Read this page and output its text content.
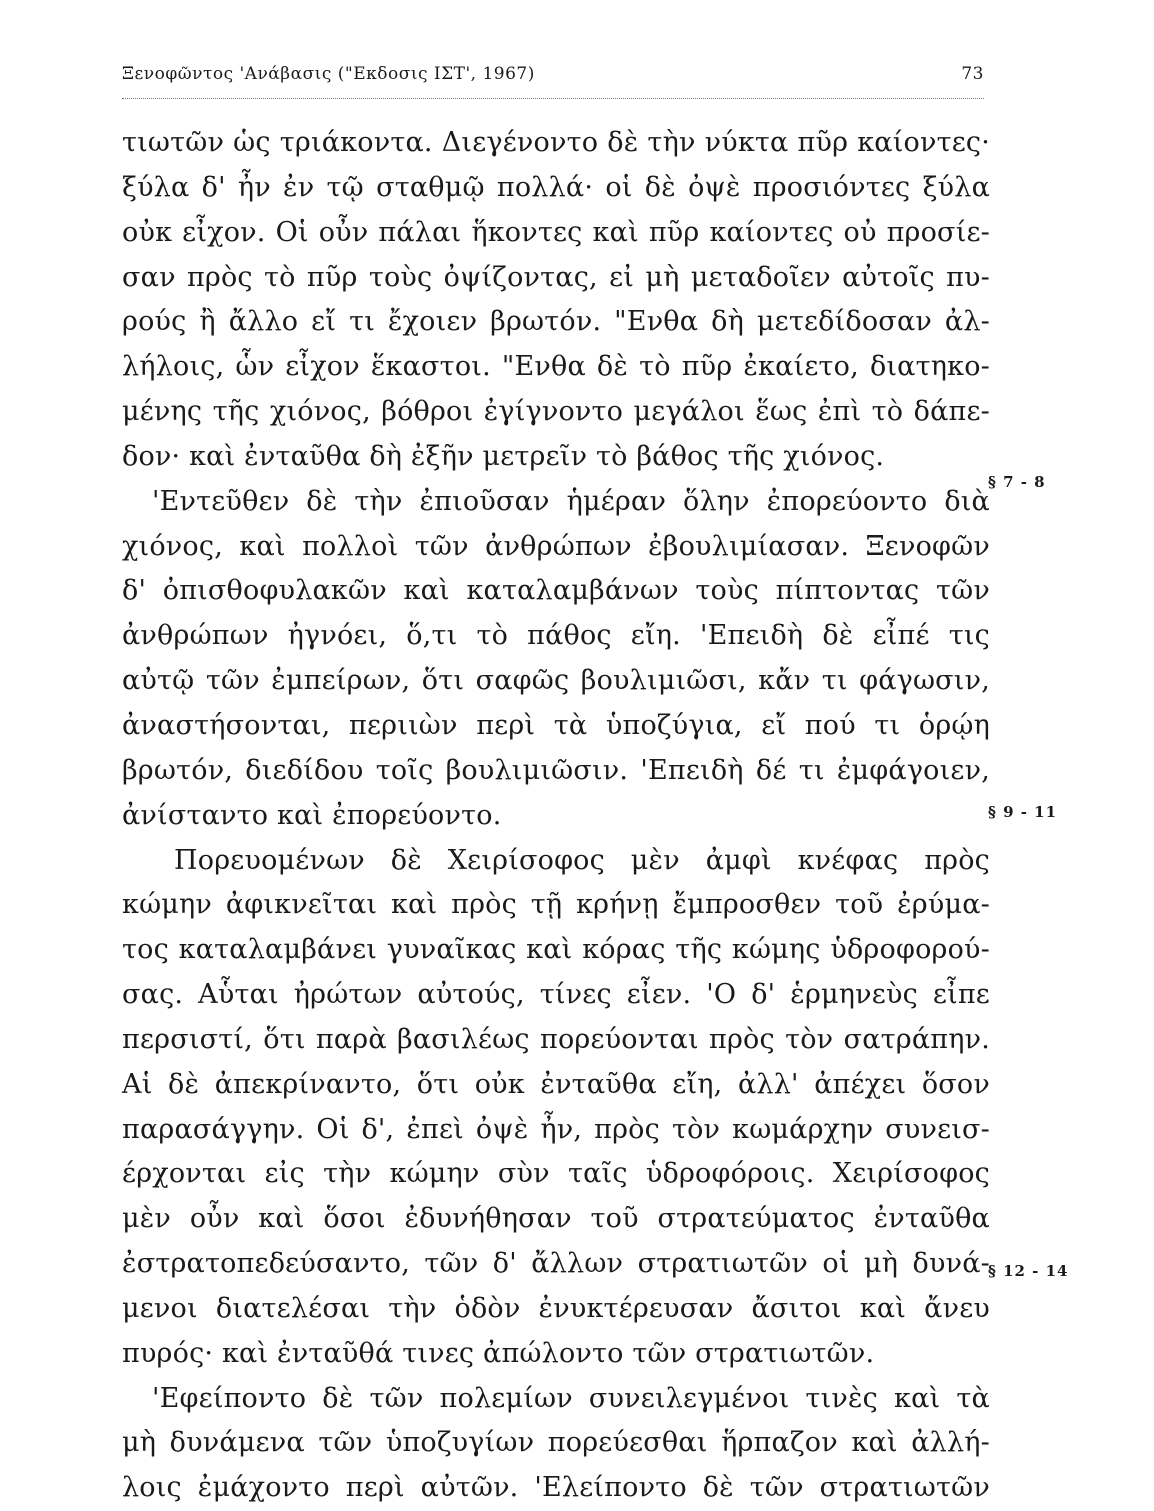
Ξενοφῶντος 'Ανάβασις ("Εκδοσις ΙΣΤ', 1967)	73
τιωτῶν ὡς τριάκοντα. Διεγένοντο δὲ τὴν νύκτα πῦρ καίοντες·
ξύλα δ' ἦν ἐν τῷ σταθμῷ πολλά· οἱ δὲ ὀψὲ προσιόντες ξύλα
οὐκ εἶχον. Οἱ οὖν πάλαι ἥκοντες καὶ πῦρ καίοντες οὐ προσίε-
σαν πρὸς τὸ πῦρ τοὺς ὀψίζοντας, εἰ μὴ μεταδοῖεν αὐτοῖς πυ-
ρούς ἢ ἄλλο εἴ τι ἔχοιεν βρωτόν. "Ενθα δὴ μετεδίδοσαν ἀλ-
λήλοις, ὧν εἶχον ἕκαστοι. "Ενθα δὲ τὸ πῦρ ἐκαίετο, διατηκο-
μένης τῆς χιόνος, βόθροι ἐγίγνοντο μεγάλοι ἕως ἐπὶ τὸ δάπε-
δον· καὶ ἐνταῦθα δὴ ἐξῆν μετρεῖν τὸ βάθος τῆς χιόνος.
'Εντεῦθεν δὲ τὴν ἐπιοῦσαν ἡμέραν ὅλην ἐπορεύοντο διὰ
χιόνος, καὶ πολλοὶ τῶν ἀνθρώπων ἐβουλιμίασαν. Ξενοφῶν
δ' ὀπισθοφυλακῶν καὶ καταλαμβάνων τοὺς πίπτοντας τῶν
ἀνθρώπων ἠγνόει, ὅ,τι τὸ πάθος εἴη. 'Επειδὴ δὲ εἶπέ τις
αὐτῷ τῶν ἐμπείρων, ὅτι σαφῶς βουλιμιῶσι, κἄν τι φάγωσιν,
ἀναστήσονται, περιιὼν περὶ τὰ ὑποζύγια, εἴ πού τι ὁρῴη
βρωτόν, διεδίδου τοῖς βουλιμιῶσιν. 'Επειδὴ δέ τι ἐμφάγοιεν,
ἀνίσταντο καὶ ἐπορεύοντο.
Πορευομένων δὲ Χειρίσοφος μὲν ἀμφὶ κνέφας πρὸς
κώμην ἀφικνεῖται καὶ πρὸς τῇ κρήνῃ ἔμπροσθεν τοῦ ἐρύμα-
τος καταλαμβάνει γυναῖκας καὶ κόρας τῆς κώμης ὑδροφορού-
σας. Αὗται ἠρώτων αὐτούς, τίνες εἶεν. 'Ο δ' ἑρμηνεὺς εἶπε
περσιστί, ὅτι παρὰ βασιλέως πορεύονται πρὸς τὸν σατράπην.
Αἱ δὲ ἀπεκρίναντο, ὅτι οὐκ ἐνταῦθα εἴη, ἀλλ' ἀπέχει ὅσον
παρασάγγην. Οἱ δ', ἐπεὶ ὀψὲ ἦν, πρὸς τὸν κωμάρχην συνεισ-
έρχονται εἰς τὴν κώμην σὺν ταῖς ὑδροφόροις. Χειρίσοφος
μὲν οὖν καὶ ὅσοι ἐδυνήθησαν τοῦ στρατεύματος ἐνταῦθα
ἐστρατοπεδεύσαντο, τῶν δ' ἄλλων στρατιωτῶν οἱ μὴ δυνά-
μενοι διατελέσαι τὴν ὁδὸν ἐνυκτέρευσαν ἄσιτοι καὶ ἄνευ
πυρός· καὶ ἐνταῦθά τινες ἀπώλοντο τῶν στρατιωτῶν.
'Εφείποντο δὲ τῶν πολεμίων συνειλεγμένοι τινὲς καὶ τὰ
μὴ δυνάμενα τῶν ὑποζυγίων πορεύεσθαι ἥρπαζον καὶ ἀλλή-
λοις ἐμάχοντο περὶ αὐτῶν. 'Ελείποντο δὲ τῶν στρατιωτῶν
§ 7 - 8
§ 9 - 11
§ 12 - 14
